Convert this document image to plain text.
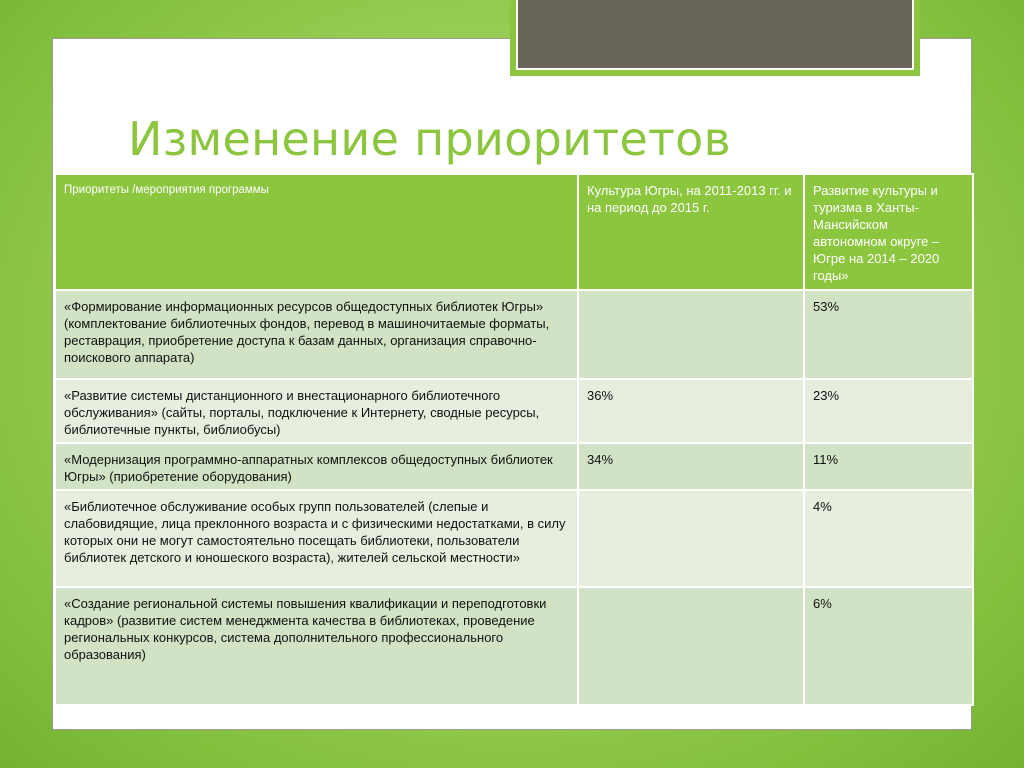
Изменение приоритетов
Приоритеты /мероприятия программы	Культура Югры, на 2011-2013 гг. и на период до 2015 г.	Развитие культуры и туризма в Ханты-Мансийском автономном округе – Югре на 2014 – 2020 годы»
«Формирование информационных ресурсов общедоступных библиотек Югры» (комплектование библиотечных фондов, перевод в машиночитаемые форматы, реставрация, приобретение доступа к базам данных, организация справочно-поискового аппарата)		53%
«Развитие системы дистанционного и внестационарного библиотечного обслуживания» (сайты, порталы, подключение к Интернету, сводные ресурсы, библиотечные пункты, библиобусы)	36%	23%
«Модернизация программно-аппаратных комплексов общедоступных библиотек Югры» (приобретение оборудования)	34%	11%
«Библиотечное обслуживание особых групп пользователей (слепые и слабовидящие, лица преклонного возраста и с физическими недостатками, в силу которых они не могут самостоятельно посещать библиотеки, пользователи библиотек детского и юношеского возраста), жителей сельской местности»		4%
«Создание региональной системы повышения квалификации и переподготовки кадров» (развитие систем менеджмента качества в библиотеках, проведение региональных конкурсов, система дополнительного профессионального образования)		6%
